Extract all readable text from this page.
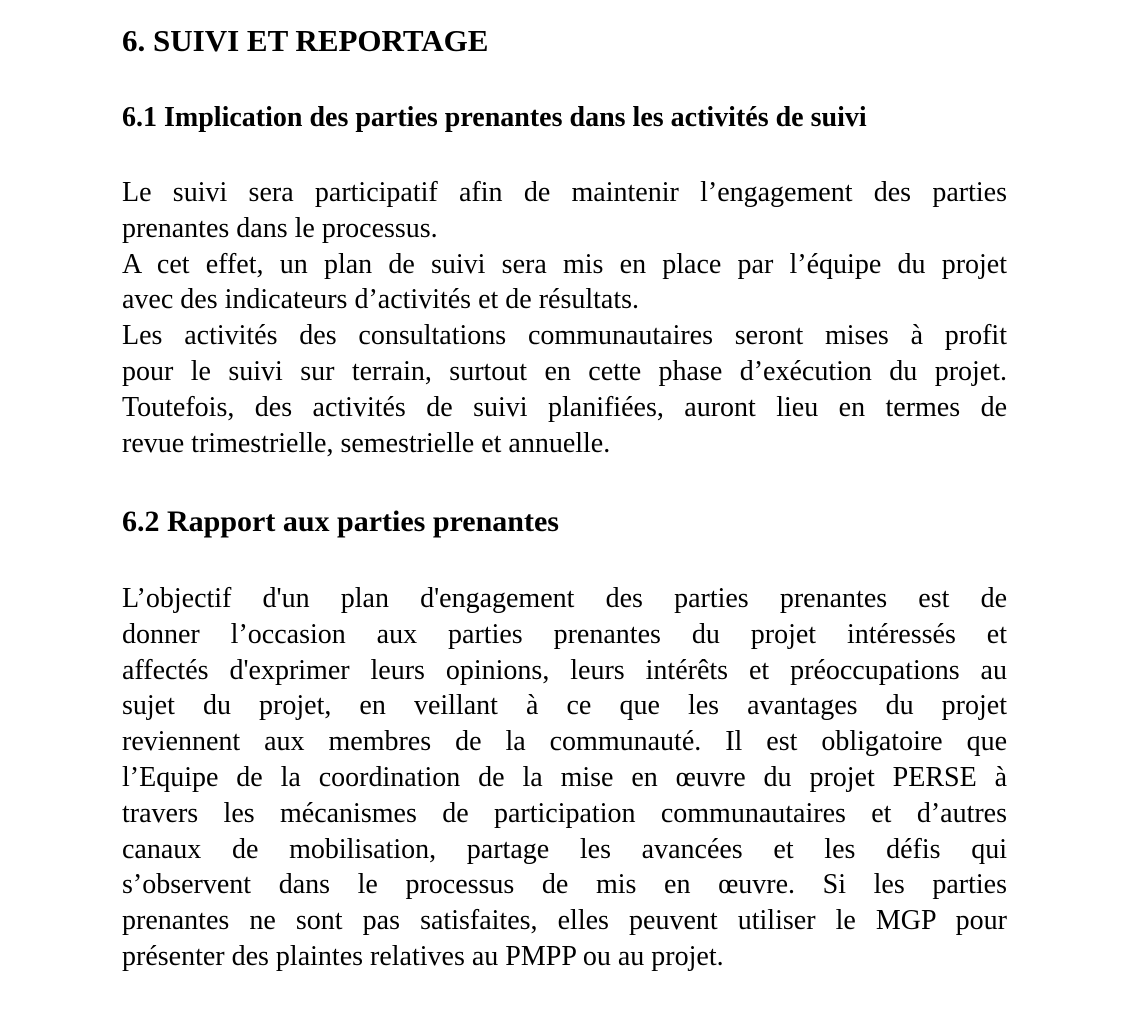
6. SUIVI ET REPORTAGE
6.1 Implication des parties prenantes dans les activités de suivi
Le suivi sera participatif afin de maintenir l’engagement des parties
prenantes dans le processus.
A cet effet, un plan de suivi sera mis en place par l’équipe du projet
avec des indicateurs d’activités et de résultats.
Les activités des consultations communautaires seront mises à profit
pour le suivi sur terrain, surtout en cette phase d’exécution du projet.
Toutefois, des activités de suivi planifiées, auront lieu en termes de
revue trimestrielle, semestrielle et annuelle.
6.2 Rapport aux parties prenantes
L’objectif d'un plan d'engagement des parties prenantes est de
donner l’occasion aux parties prenantes du projet intéressés et
affectés d'exprimer leurs opinions, leurs intérêts et préoccupations au
sujet du projet, en veillant à ce que les avantages du projet
reviennent aux membres de la communauté. Il est obligatoire que
l’Equipe de la coordination de la mise en œuvre du projet PERSE à
travers les mécanismes de participation communautaires et d’autres
canaux de mobilisation, partage les avancées et les défis qui
s’observent dans le processus de mis en œuvre. Si les parties
prenantes ne sont pas satisfaites, elles peuvent utiliser le MGP pour
présenter des plaintes relatives au PMPP ou au projet.
